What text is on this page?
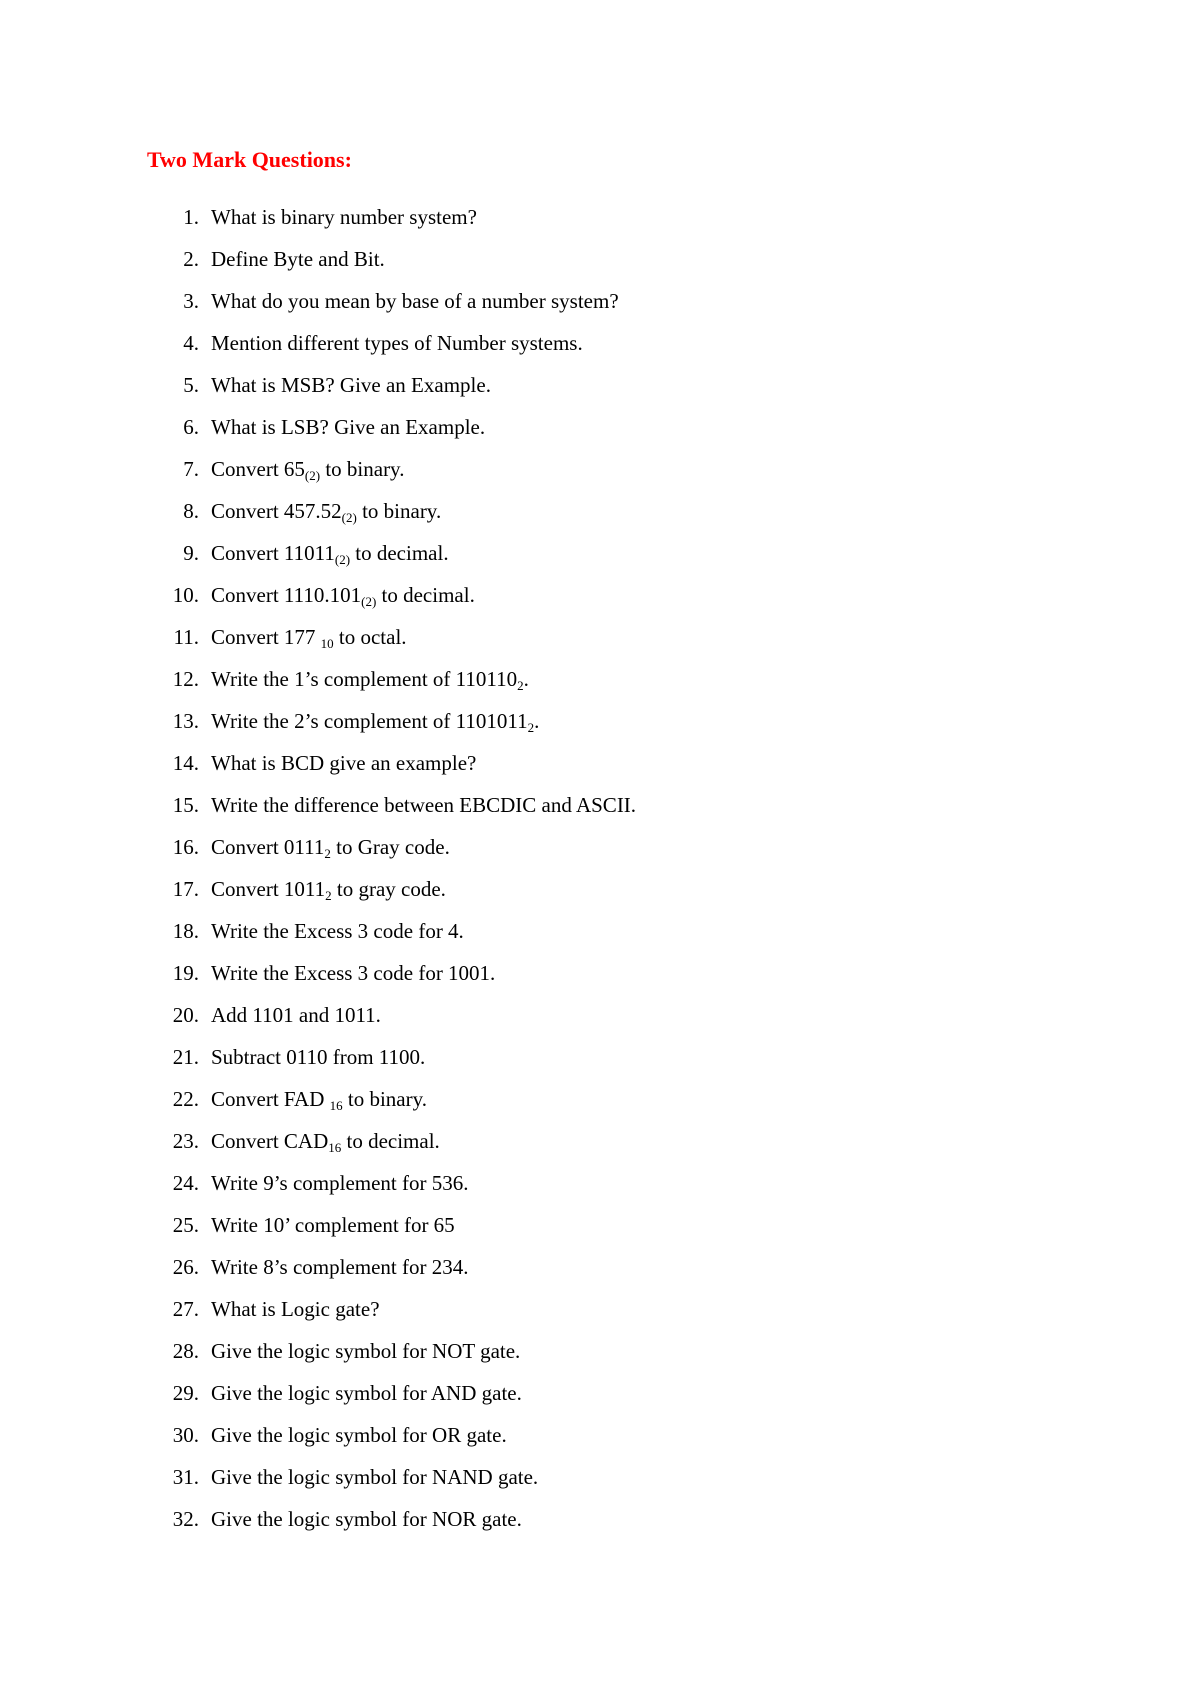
Two Mark Questions:
1. What is binary number system?
2. Define Byte and Bit.
3. What do you mean by base of a number system?
4. Mention different types of Number systems.
5. What is MSB? Give an Example.
6. What is LSB? Give an Example.
7. Convert $65_{(2)}$ to binary.
8. Convert $457.52_{(2)}$ to binary.
9. Convert $11011_{(2)}$ to decimal.
10. Convert $1110.101_{(2)}$ to decimal.
11. Convert 177 $_{10}$ to octal.
12. Write the 1’s complement of $110110_2$.
13. Write the 2’s complement of $1101011_2$.
14. What is BCD give an example?
15. Write the difference between EBCDIC and ASCII.
16. Convert $0111_2$ to Gray code.
17. Convert $1011_2$ to gray code.
18. Write the Excess 3 code for 4.
19. Write the Excess 3 code for 1001.
20. Add 1101 and 1011.
21. Subtract 0110 from 1100.
22. Convert FAD $_{16}$ to binary.
23. Convert $CAD_{16}$ to decimal.
24. Write 9’s complement for 536.
25. Write 10’ complement for 65
26. Write 8’s complement for 234.
27. What is Logic gate?
28. Give the logic symbol for NOT gate.
29. Give the logic symbol for AND gate.
30. Give the logic symbol for OR gate.
31. Give the logic symbol for NAND gate.
32. Give the logic symbol for NOR gate.
